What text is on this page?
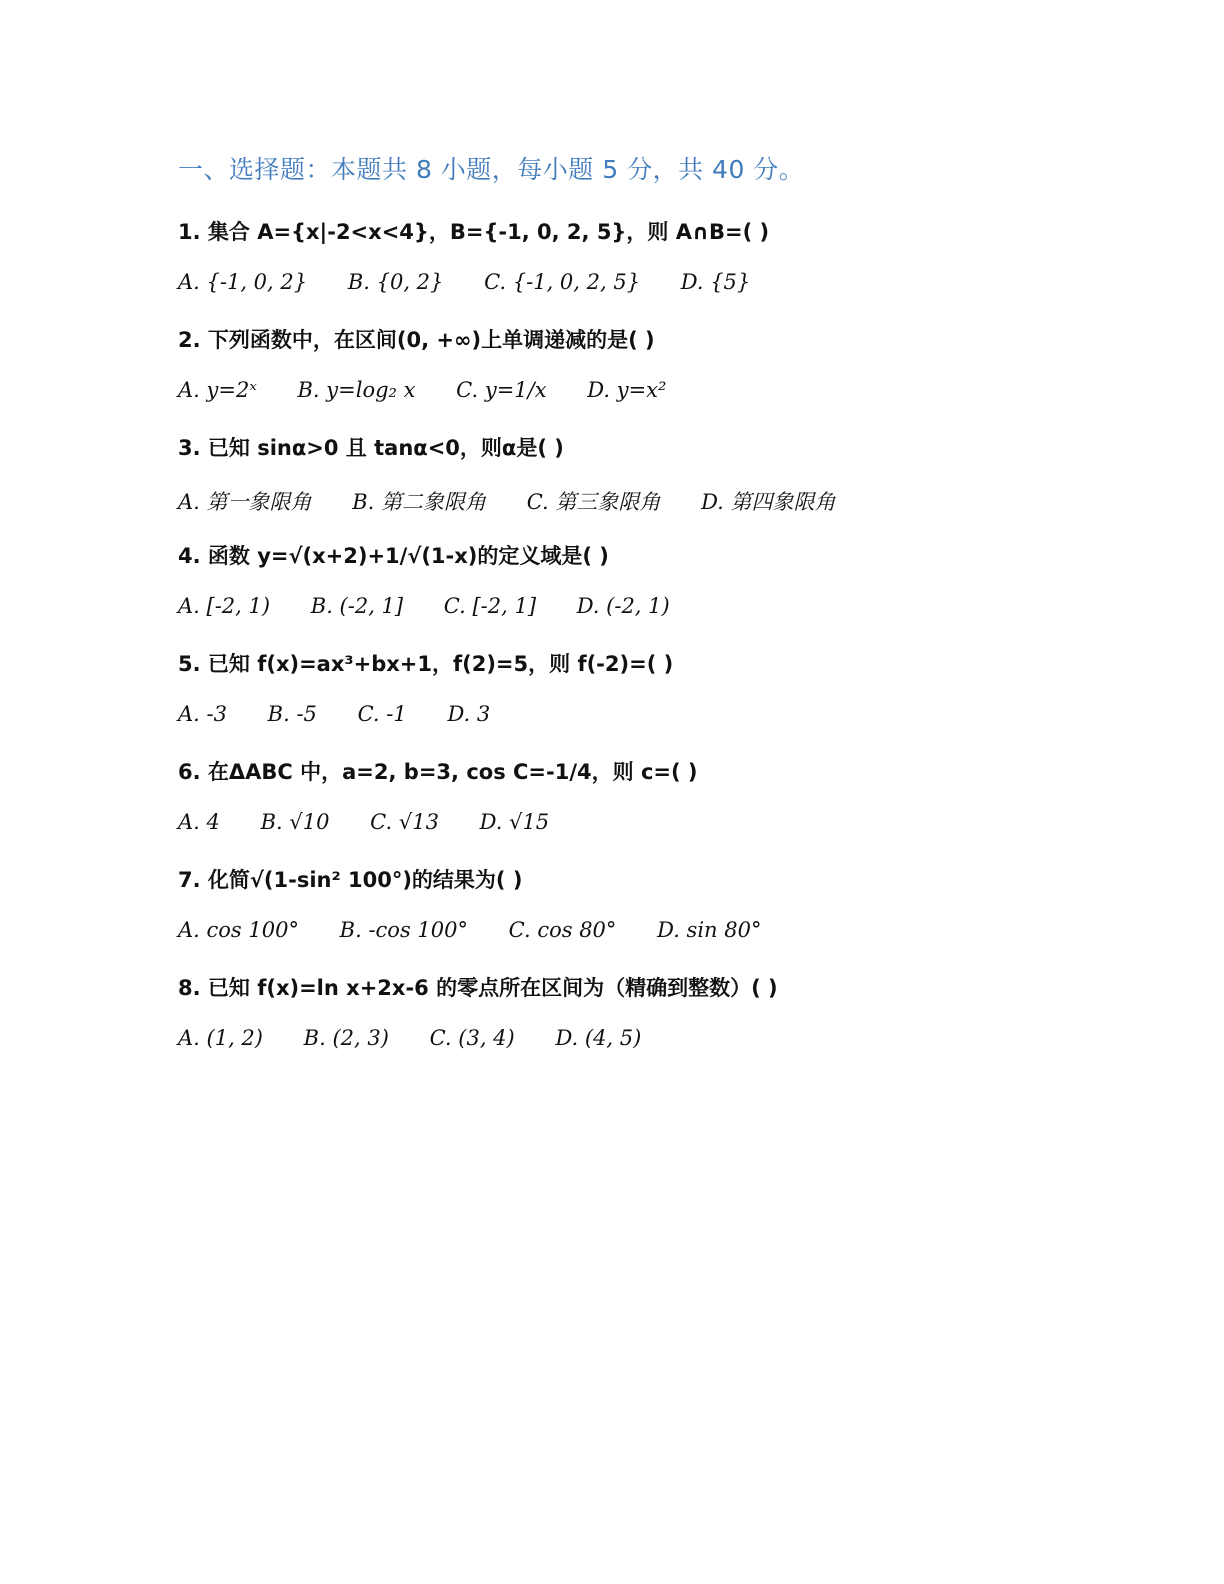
一、选择题：本题共 8 小题，每小题 5 分，共 40 分。
1. 集合 A={x|-2<x<4}，B={-1, 0, 2, 5}，则 A∩B=( )
A. {-1, 0, 2} B. {0, 2} C. {-1, 0, 2, 5} D. {5}
2. 下列函数中，在区间(0, +∞)上单调递减的是( )
A. y=2ˣ B. y=log₂ x C. y=1/x D. y=x²
3. 已知 sinα>0 且 tanα<0，则α是( )
A. 第一象限角 B. 第二象限角 C. 第三象限角 D. 第四象限角
4. 函数 y=√(x+2)+1/√(1-x)的定义域是( )
A. [-2, 1) B. (-2, 1] C. [-2, 1] D. (-2, 1)
5. 已知 f(x)=ax³+bx+1，f(2)=5，则 f(-2)=( )
A. -3 B. -5 C. -1 D. 3
6. 在ΔABC 中，a=2, b=3, cos C=-1/4，则 c=( )
A. 4 B. √10 C. √13 D. √15
7. 化简√(1-sin² 100°)的结果为( )
A. cos 100° B. -cos 100° C. cos 80° D. sin 80°
8. 已知 f(x)=ln x+2x-6 的零点所在区间为（精确到整数）( )
A. (1, 2) B. (2, 3) C. (3, 4) D. (4, 5)
